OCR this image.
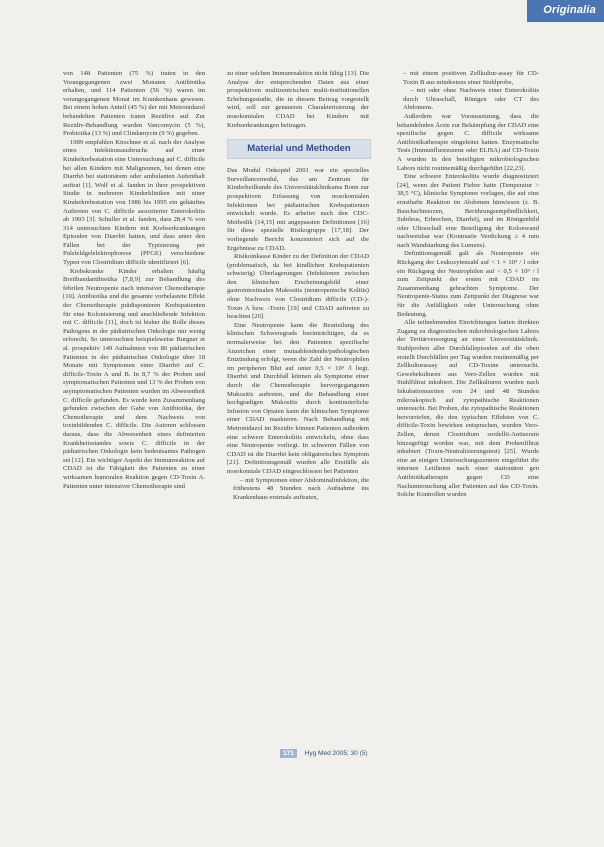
Originalia

von 148 Patienten (75 %) traten in den Vorangegangenen zwei Monaten Antibiotika erhalten, und 114 Patienten (56 %) waren im vorangegangenen Monat im Krankenhaus gewesen. Bei einem hohen Anteil (45 %) der mit Metronidazol behandelten Patienten traten Rezidive auf. Zur Rezidiv-Behandlung wurden Vancomycin (5 %), Probiotika (13 %) und Clindamycin (9 %) gegeben.

1989 empfahlen Kirschner et al. nach der Analyse eines Infektionsausbruchs auf einer Kinderkrebsstation eine Untersuchung auf C. difficile bei allen Kindern mit Malignomen, bei denen eine Diarrhö bei stationärem oder ambulanten Aufenthalt auftrat [1]. Wolf et al. fanden in ihrer prospektiven Studie in mehreren Kinderkliniken mit einer Kinderkrebsstation von 1986 bis 1995 ein gehäuftes Auftreten von C. difficile assoziierter Enterokolitis ab 1993 [3]. Schuller et al. fanden, dass 28,4 % von 314 untersuchten Kindern mit Krebserkrankungen Episoden von Diarrhö hatten, und dass unter den Fällen bei der Typisierung per Pulsfeldgelelektrophorese (PFGE) verschiedene Typen von Clostridium difficile identifiziert [6].

Krebskranke Kinder erhalten häufig Breitbandantibiotika [7,8,9] zur Behandlung des febrilen Neutropenie nach intensiver Chemotherapie [10]. Antibiotika und die gesamte vorbelastete Effekt der Chemotherapie prädisponieren Krebspatienten für eine Kolonisierung und anschließende Infektion mit C. difficile [11], doch ist bisher die Rolle dieses Pathogens in der pädiatrischen Onkologie nur wenig erforscht. So untersuchten beispielsweise Burgner et al. prospektiv 149 Aufnahmen von 86 pädiatrischen Patienten in der pädiatrischen Onkologie über 18 Monate mit Symptomen einer Diarrhö auf C. difficile-Toxin A und B. In 8,7 % der Proben und symptomatischen Patienten und 13 % der Proben von asymptomatischen Patienten wurden im Abwesenheit C. difficile gefunden. Es wurde kein Zusammenhang gefunden zwischen der Gabe von Antibiotika, der Chemotherapie und dem Nachweis von toxinbildenden C. difficile. Die Autoren schlossen daraus, dass die Abwesenheit eines definierten Krankheitsstandes sowie C. difficile in der pädiatrischen Onkologie kein bedeutsames Pathogen sei [12]. Ein wichtiger Aspekt der Immunreaktion auf CDAD ist die Fähigkeit des Patienten zu einer wirksamen humoralen Reaktion gegen CD-Toxin A. Patienten unter intensiver Chemotherapie sind

zu einer solchen Immunreaktion nicht fähig [13]. Die Analyse der entsprechenden Daten aus einer prospektiven multizentrischen multi-institutionellen Erhebungsstudie, die in diesem Beitrag vorgestellt wird, soll zur genaueren Charakterisierung der nosokomialen CDAD bei Kindern mit Krebserkrankungen beitragen.

Material und Methoden

Das Modul Onkopäd 2001 war ein spezielles Surveillancemodul, das am Zentrum für Kinderheilkunde des Universitätsklinikums Bonn zur prospektiven Erfassung von nosokomialen Infektionen bei pädiatrischen Krebspatienten entwickelt wurde. Es arbeitet nach den CDC-Methodik [14,15] mit angepassten Definitionen [16] für diese spezielle Risikogruppe [17,18]. Der vorliegende Bericht konzentriert sich auf die Ergebnisse zu CDAD.

Risikoinkasse Kinder zu der Definition der CDAD (problematisch, da bei kindlichen Krebspatienten schwierig) Überlagerungen (Infektionen zwischen den klinischen Erscheinungsbild einer gastrointestinalen Mukositis (neutropenische Kolitis) ohne Nachweis von Clostridium difficile (CD-)-Toxin A bzw. -Toxin [19] und CDAD auftreten zu beachten [20].

Eine Neutropenie kann die Beurteilung des klinischen Schweregrads beeinträchtigen, da es normalerweise bei den Patienten spezifische Anzeichen einer mutaablendende/pathologischen Entzündung erfolgt, wenn die Zahl der Neutrophilen im peripheren Blut auf unter 0,5 × 10⁹ /l liegt. Diarrhö und Durchfall können als Symptome einer durch die Chemotherapie hervorgegangenen Mukositis auftreten, und die Behandlung einer hochgradigen Mukositis durch kontinuierliche Infusion von Opiaten kann die klinischen Symptome einer CDAD maskieren. Nach Behandlung mit Metronidazol im Rezidiv können Patienten außerdem eine schwere Enterokolitis entwickeln, ohne dass eine Neutropenie vorliegt. In schweren Fällen von CDAD ist die Diarrhö kein obligatorisches Symptom [21]. Definitionsgemäß wurden alle Erstfälle als nosokomiale CDAD eingeschlossen bei Patienten

– mit Symptomen einer Abdominalinfektion, die frühestens 48 Stunden nach Aufnahme ins Krankenhaus erstmals auftraten,

– mit einem positiven Zellkultur-assay für CD-Toxin B aus mindestens einer Stuhlprobe,

– mit oder ohne Nachweis einer Enterokolitis durch Ultraschall, Röntgen oder CT des Abdomens.

Außerdem war Voraussetzung, dass die behandelnden Ärzte zur Bekämpfung der CDAD eine spezifische gegen C. difficile wirksame Antibiotikatherapie eingeleitet hatten. Enzymatische Tests (Immunfluoreszenz oder ELISA) auf CD-Toxin A wurden in den beteiligten mikrobiologischen Labors nicht routinemäßig durchgeführt [22,23].

Eine schwere Enterokolitis wurde diagnostiziert [24], wenn der Patient Fieber hatte (Temperatur > 38,5 °C), klinische Symptome vorlagen, die auf eine ernsthafte Reaktion im Abdomen hinwiesen (z. B. Bauchschmerzen, Berührungsempfindlichkeit, Subileus, Erbrechen, Diarrhö), und im Röntgenbild oder Ultraschall eine Beteiligung der Kolonwand nachweisbar war (Kontrastie Verdickung ≥ 4 mm nach Wandstarkung des Lumens).

Definitionsgemäß galt als Neutropenie ein Rückgang der Leukozytenzahl auf < 1 × 10⁹ / l oder ein Rückgang der Neutrophilen auf < 0,5 × 10⁹ / l zum Zeitpunkt der ersten mit CDAD im Zusammenhang gebrachten Symptome. Der Neutropenie-Status zum Zeitpunkt der Diagnose war für die Anfälligkeit oder Untersuchung ohne Bedeutung.

Alle teilnehmenden Einrichtungen hatten direkten Zugang zu diagnostischen mikrobiologischen Labors der Tertiärversorgung an einer Universitätsklinik. Stuhlproben aller Durchfallepisoden auf die oben erstellt Durchfällen per Tag wurden routinemäßig per Zellkulturassay auf CD-Toxine untersucht. Gewebekulturen aus Vero-Zellen wurden mit Stuhlfiltrat inkubiert. Die Zellkulturen wurden nach Inkubationszeiten von 24 und 48 Stunden mikroskopisch auf zytopathische Reaktionen untersucht. Bei Proben, die zytopathische Reaktionen hervorriefen, die den typischen Effekten von C. difficile-Toxin bewirken entsprachen, wurden Vero-Zellen, denen Clostridium sordellii-Antiserum hinzugefügt worden war, mit dem Probenfiltrat inkubiert (Toxin-Neutralisierungstest) [25]. Wurde eine an einigen Untersuchungszentren eingeführt die internen Leitlinien nach einer stationären gen Antibiotikatherapie gegen CD eine Nachuntersuchung aller Patienten auf das CD-Toxin. Solche Kontrollen wurden

171 Hyg Med 2005; 30 (5)
